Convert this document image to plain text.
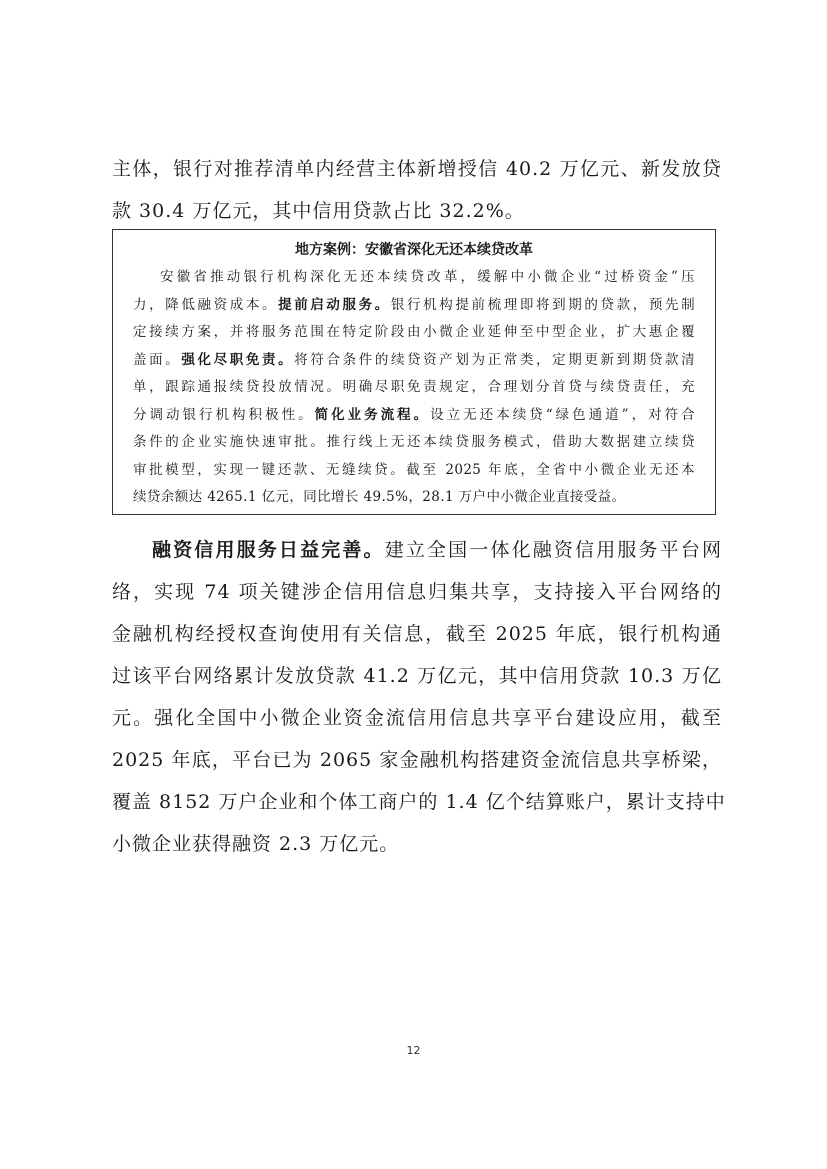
主体，银行对推荐清单内经营主体新增授信 40.2 万亿元、新发放贷
款 30.4 万亿元，其中信用贷款占比 32.2%。
地方案例：安徽省深化无还本续贷改革
安徽省推动银行机构深化无还本续贷改革，缓解中小微企业“过桥资金”压
力，降低融资成本。提前启动服务。银行机构提前梳理即将到期的贷款，预先制
定接续方案，并将服务范围在特定阶段由小微企业延伸至中型企业，扩大惠企覆
盖面。强化尽职免责。将符合条件的续贷资产划为正常类，定期更新到期贷款清
单，跟踪通报续贷投放情况。明确尽职免责规定，合理划分首贷与续贷责任，充
分调动银行机构积极性。简化业务流程。设立无还本续贷“绿色通道”，对符合
条件的企业实施快速审批。推行线上无还本续贷服务模式，借助大数据建立续贷
审批模型，实现一键还款、无缝续贷。截至 2025 年底，全省中小微企业无还本
续贷余额达 4265.1 亿元，同比增长 49.5%，28.1 万户中小微企业直接受益。
融资信用服务日益完善。建立全国一体化融资信用服务平台网
络，实现 74 项关键涉企信用信息归集共享，支持接入平台网络的
金融机构经授权查询使用有关信息，截至 2025 年底，银行机构通
过该平台网络累计发放贷款 41.2 万亿元，其中信用贷款 10.3 万亿
元。强化全国中小微企业资金流信用信息共享平台建设应用，截至
2025 年底，平台已为 2065 家金融机构搭建资金流信息共享桥梁，
覆盖 8152 万户企业和个体工商户的 1.4 亿个结算账户，累计支持中
小微企业获得融资 2.3 万亿元。
12
